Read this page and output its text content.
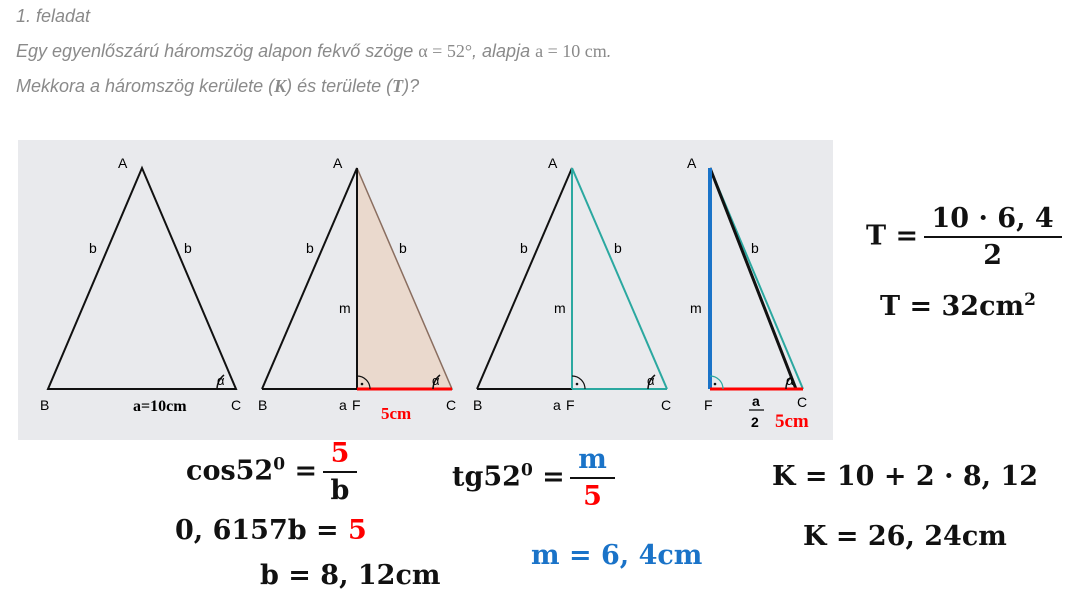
1. feladat
Egy egyenlőszárú háromszög alapon fekvő szöge α = 52°, alapja a = 10 cm.
Mekkora a háromszög kerülete (K) és területe (T)?
A
B	C
b	b
α
a=10cm
A
B	C
a F
m
b	b
α
5cm
A
B	C
a F
m
b	b
α
A
F	C
m
b
α
a
2 5cm
$\cos 52^0 = \frac{5}{b}$
0, 6157b = 5
b = 8, 12cm
$tg52^0 = \frac{m}{5}$
m = 6, 4cm
K = 10 + 2 · 8, 12
K = 26, 24cm
$T = \frac{10 \cdot 6, 4}{2}$
$T = 32cm^2$
